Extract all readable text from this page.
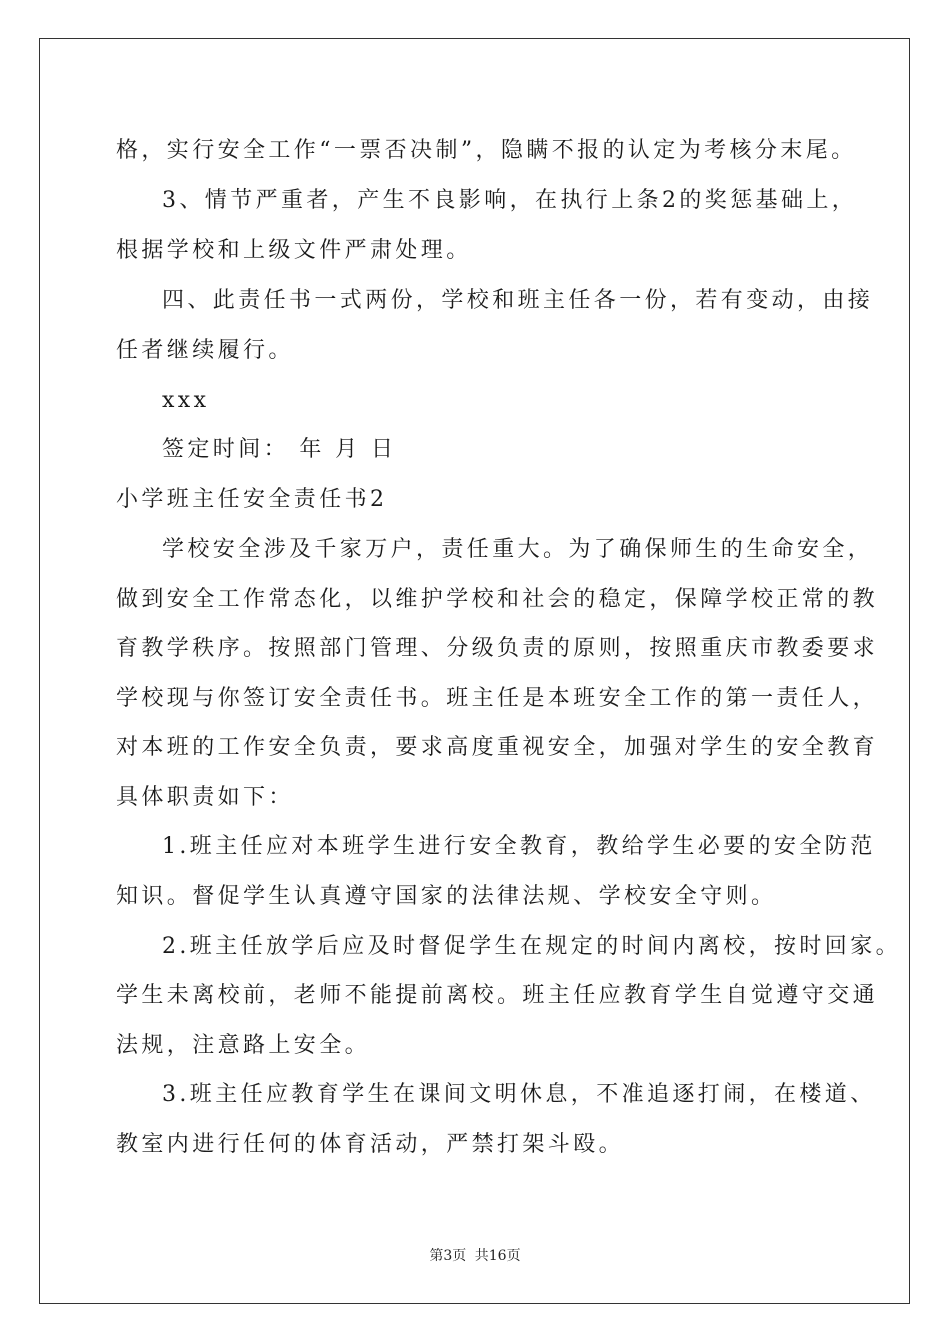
格，实行安全工作“一票否决制”，隐瞒不报的认定为考核分末尾。
3、情节严重者，产生不良影响，在执行上条2的奖惩基础上，
根据学校和上级文件严肃处理。
四、此责任书一式两份，学校和班主任各一份，若有变动，由接
任者继续履行。
xxx
签定时间： 年 月 日
小学班主任安全责任书2
学校安全涉及千家万户，责任重大。为了确保师生的生命安全，
做到安全工作常态化，以维护学校和社会的稳定，保障学校正常的教
育教学秩序。按照部门管理、分级负责的原则，按照重庆市教委要求
学校现与你签订安全责任书。班主任是本班安全工作的第一责任人，
对本班的工作安全负责，要求高度重视安全，加强对学生的安全教育
具体职责如下：
1.班主任应对本班学生进行安全教育，教给学生必要的安全防范
知识。督促学生认真遵守国家的法律法规、学校安全守则。
2.班主任放学后应及时督促学生在规定的时间内离校，按时回家。
学生未离校前，老师不能提前离校。班主任应教育学生自觉遵守交通
法规，注意路上安全。
3.班主任应教育学生在课间文明休息，不准追逐打闹，在楼道、
教室内进行任何的体育活动，严禁打架斗殴。
第3页 共16页
